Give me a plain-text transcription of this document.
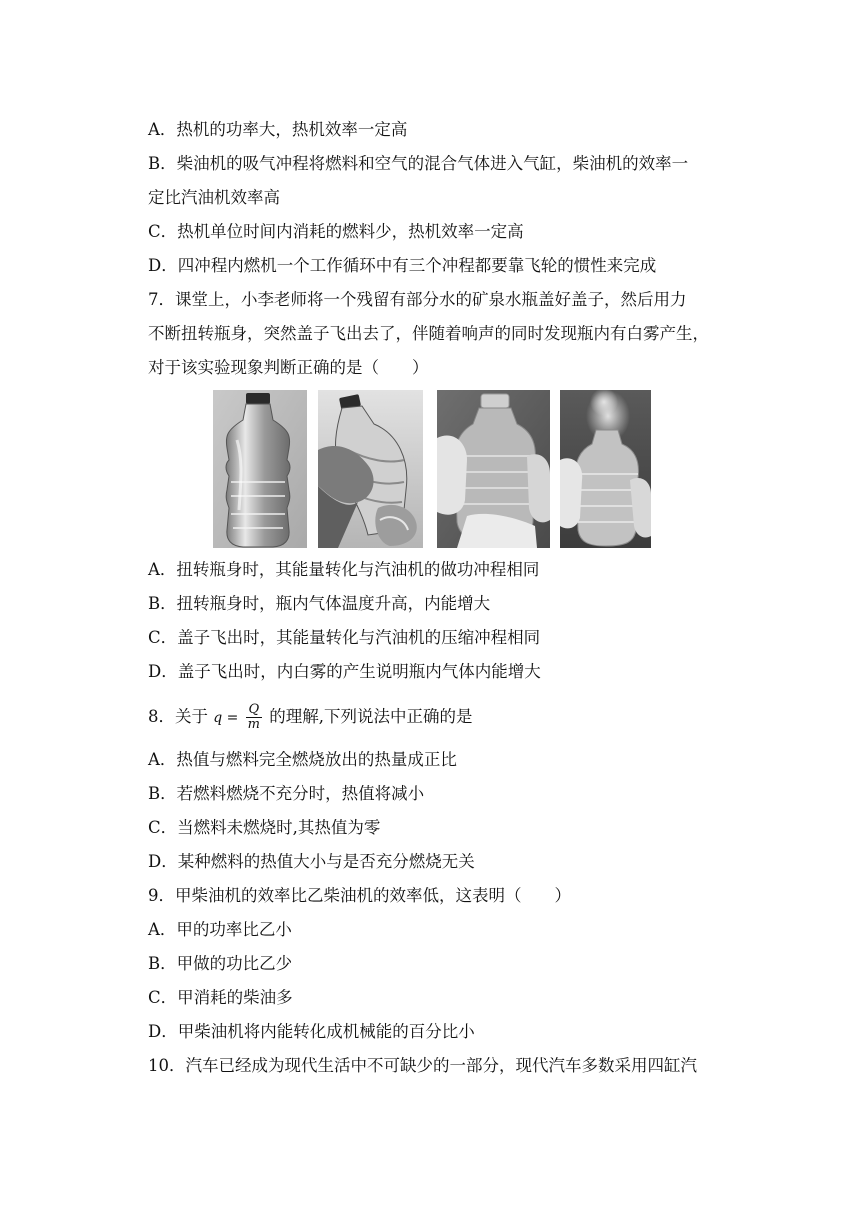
A．热机的功率大，热机效率一定高
B．柴油机的吸气冲程将燃料和空气的混合气体进入气缸，柴油机的效率一
定比汽油机效率高
C．热机单位时间内消耗的燃料少，热机效率一定高
D．四冲程内燃机一个工作循环中有三个冲程都要靠飞轮的惯性来完成
7．课堂上，小李老师将一个残留有部分水的矿泉水瓶盖好盖子，然后用力
不断扭转瓶身，突然盖子飞出去了，伴随着响声的同时发现瓶内有白雾产生，
对于该实验现象判断正确的是（　　）
A．扭转瓶身时，其能量转化与汽油机的做功冲程相同
B．扭转瓶身时，瓶内气体温度升高，内能增大
C．盖子飞出时，其能量转化与汽油机的压缩冲程相同
D．盖子飞出时，内白雾的产生说明瓶内气体内能增大
8．关于 $q = \frac{Q}{m}$ 的理解,下列说法中正确的是
A．热值与燃料完全燃烧放出的热量成正比
B．若燃料燃烧不充分时，热值将减小
C．当燃料未燃烧时,其热值为零
D．某种燃料的热值大小与是否充分燃烧无关
9．甲柴油机的效率比乙柴油机的效率低，这表明（　　）
A．甲的功率比乙小
B．甲做的功比乙少
C．甲消耗的柴油多
D．甲柴油机将内能转化成机械能的百分比小
10．汽车已经成为现代生活中不可缺少的一部分，现代汽车多数采用四缸汽
